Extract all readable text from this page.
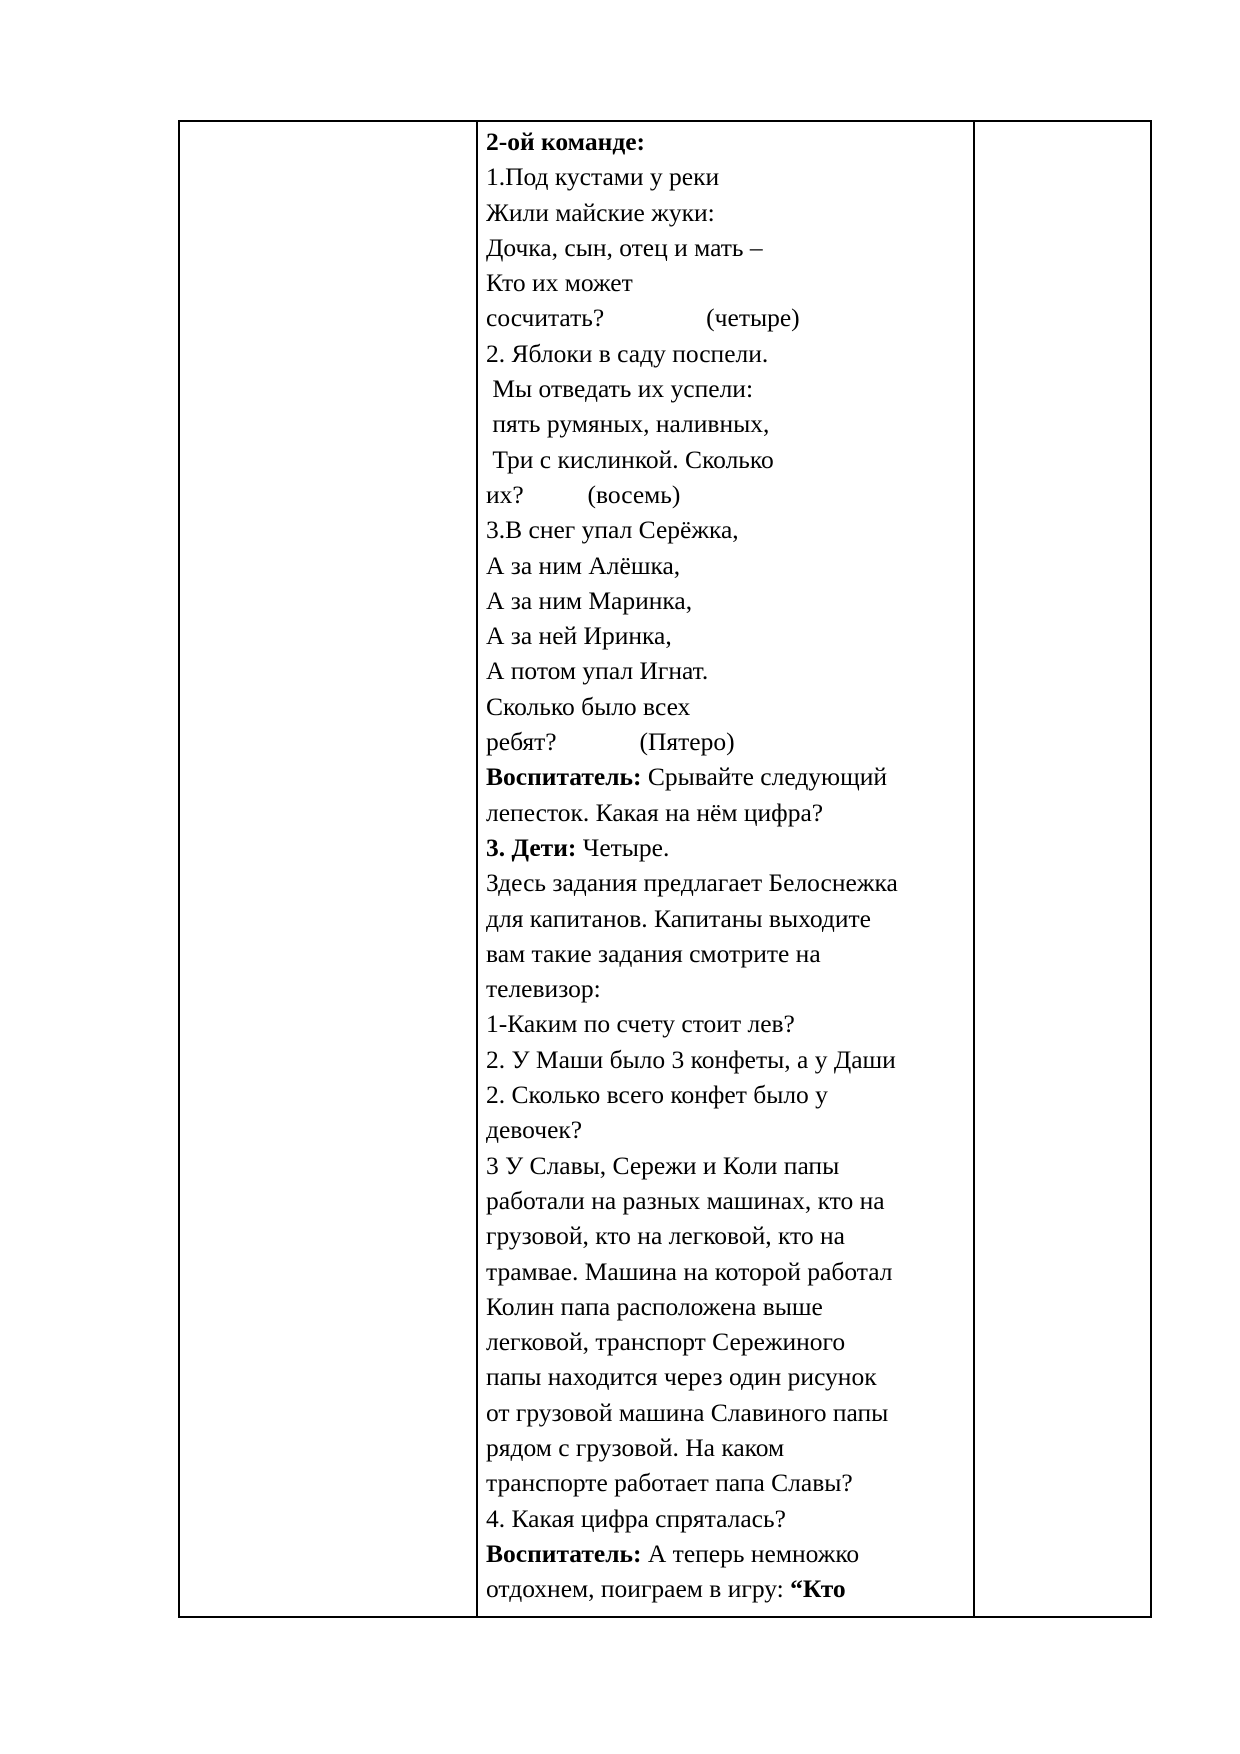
2-ой команде:
1.Под кустами у реки
Жили майские жуки:
Дочка, сын, отец и мать –
Кто их может
сосчитать?                (четыре)
2. Яблоки в саду поспели.
Мы отведать их успели:
пять румяных, наливных,
Три с кислинкой. Сколько
их?          (восемь)
3.В снег упал Серёжка,
А за ним Алёшка,
А за ним Маринка,
А за ней Иринка,
А потом упал Игнат.
Сколько было всех
ребят?             (Пятеро)
Воспитатель: Срывайте следующий
лепесток. Какая на нём цифра?
3. Дети: Четыре.
Здесь задания предлагает Белоснежка
для капитанов. Капитаны выходите
вам такие задания смотрите на
телевизор:
1-Каким по счету стоит лев?
2. У Маши было 3 конфеты, а у Даши
2. Сколько всего конфет было у
девочек?
3 У Славы, Сережи и Коли папы
работали на разных машинах, кто на
грузовой, кто на легковой, кто на
трамвае. Машина на которой работал
Колин папа расположена выше
легковой, транспорт Сережиного
папы находится через один рисунок
от грузовой машина Славиного папы
рядом с грузовой. На каком
транспорте работает папа Славы?
4. Какая цифра спряталась?
Воспитатель: А теперь немножко
отдохнем, поиграем в игру: “Кто
